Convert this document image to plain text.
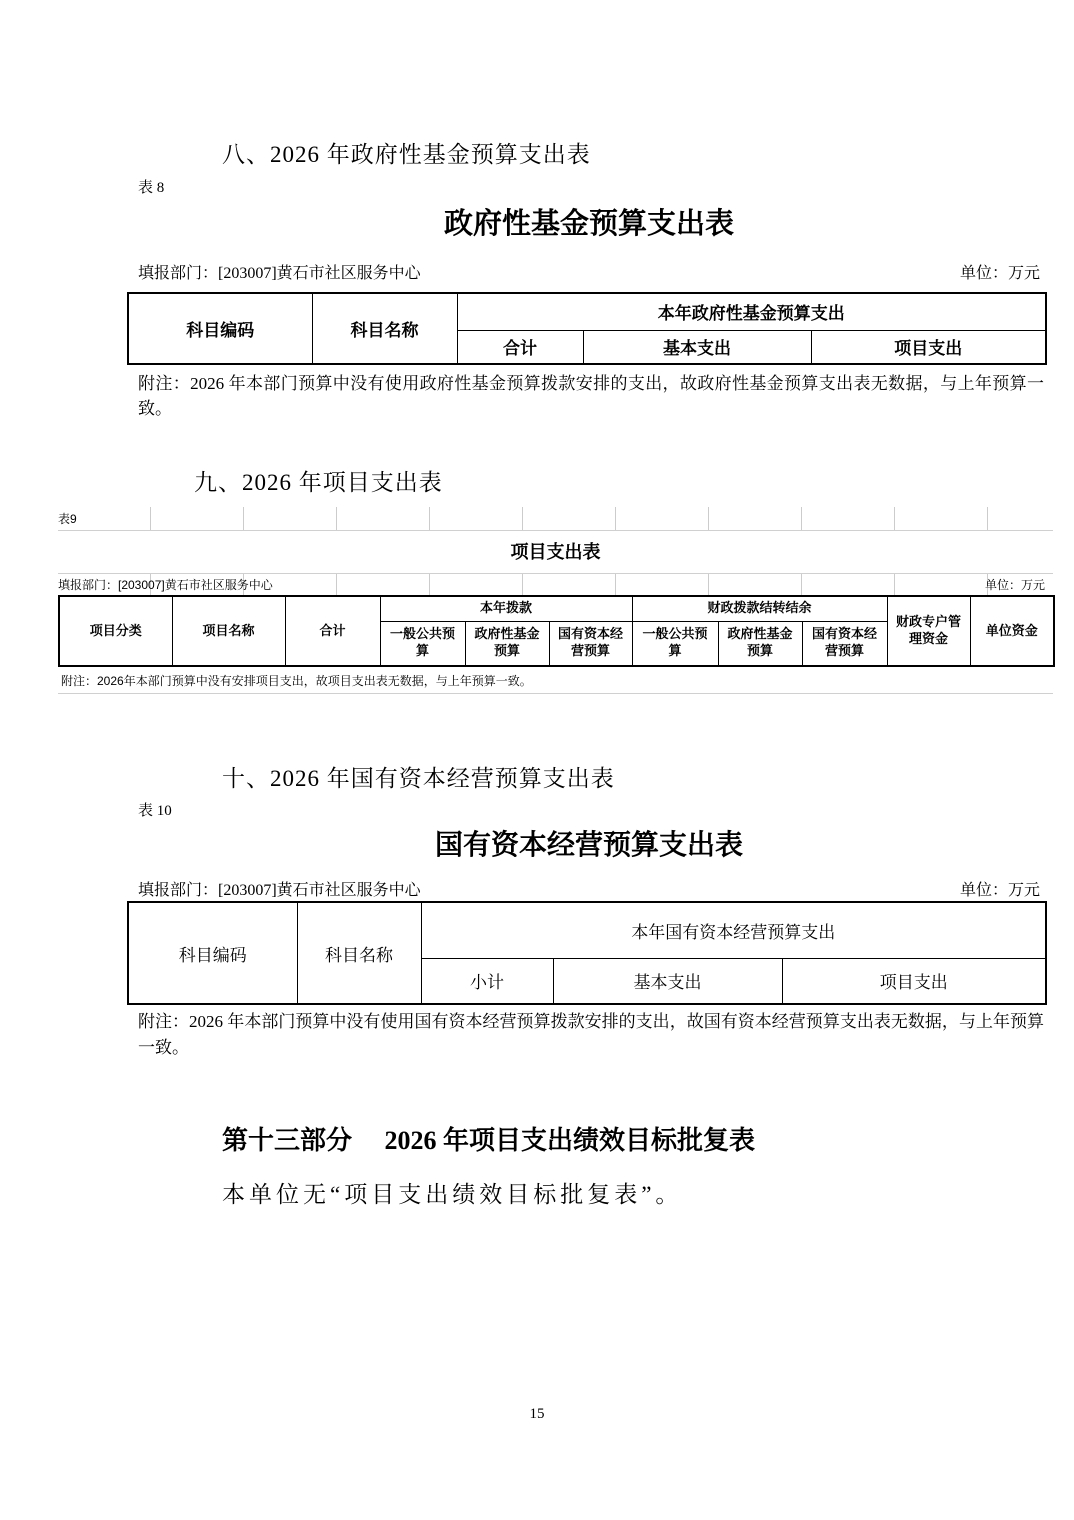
八、2026 年政府性基金预算支出表
表 8
政府性基金预算支出表
填报部门：[203007]黄石市社区服务中心	单位：万元
科目编码	科目名称	本年政府性基金预算支出		
		合计	基本支出	项目支出
附注：2026 年本部门预算中没有使用政府性基金预算拨款安排的支出，故政府性基金预算支出表无数据，与上年预算一致。
九、2026 年项目支出表
表9
项目支出表
填报部门：[203007]黄石市社区服务中心	单位：万元
项目分类	项目名称	合计	本年拨款			财政拨款结转结余			财政专户管理资金	单位资金
			一般公共预算	政府性基金预算	国有资本经营预算	一般公共预算	政府性基金预算	国有资本经营预算		
附注：2026年本部门预算中没有安排项目支出，故项目支出表无数据，与上年预算一致。
十、2026 年国有资本经营预算支出表
表 10
国有资本经营预算支出表
填报部门：[203007]黄石市社区服务中心	单位：万元
科目编码	科目名称	本年国有资本经营预算支出		
		小计	基本支出	项目支出
附注：2026 年本部门预算中没有使用国有资本经营预算拨款安排的支出，故国有资本经营预算支出表无数据，与上年预算一致。
第十三部分　 2026 年项目支出绩效目标批复表
本单位无“项目支出绩效目标批复表”。
15
